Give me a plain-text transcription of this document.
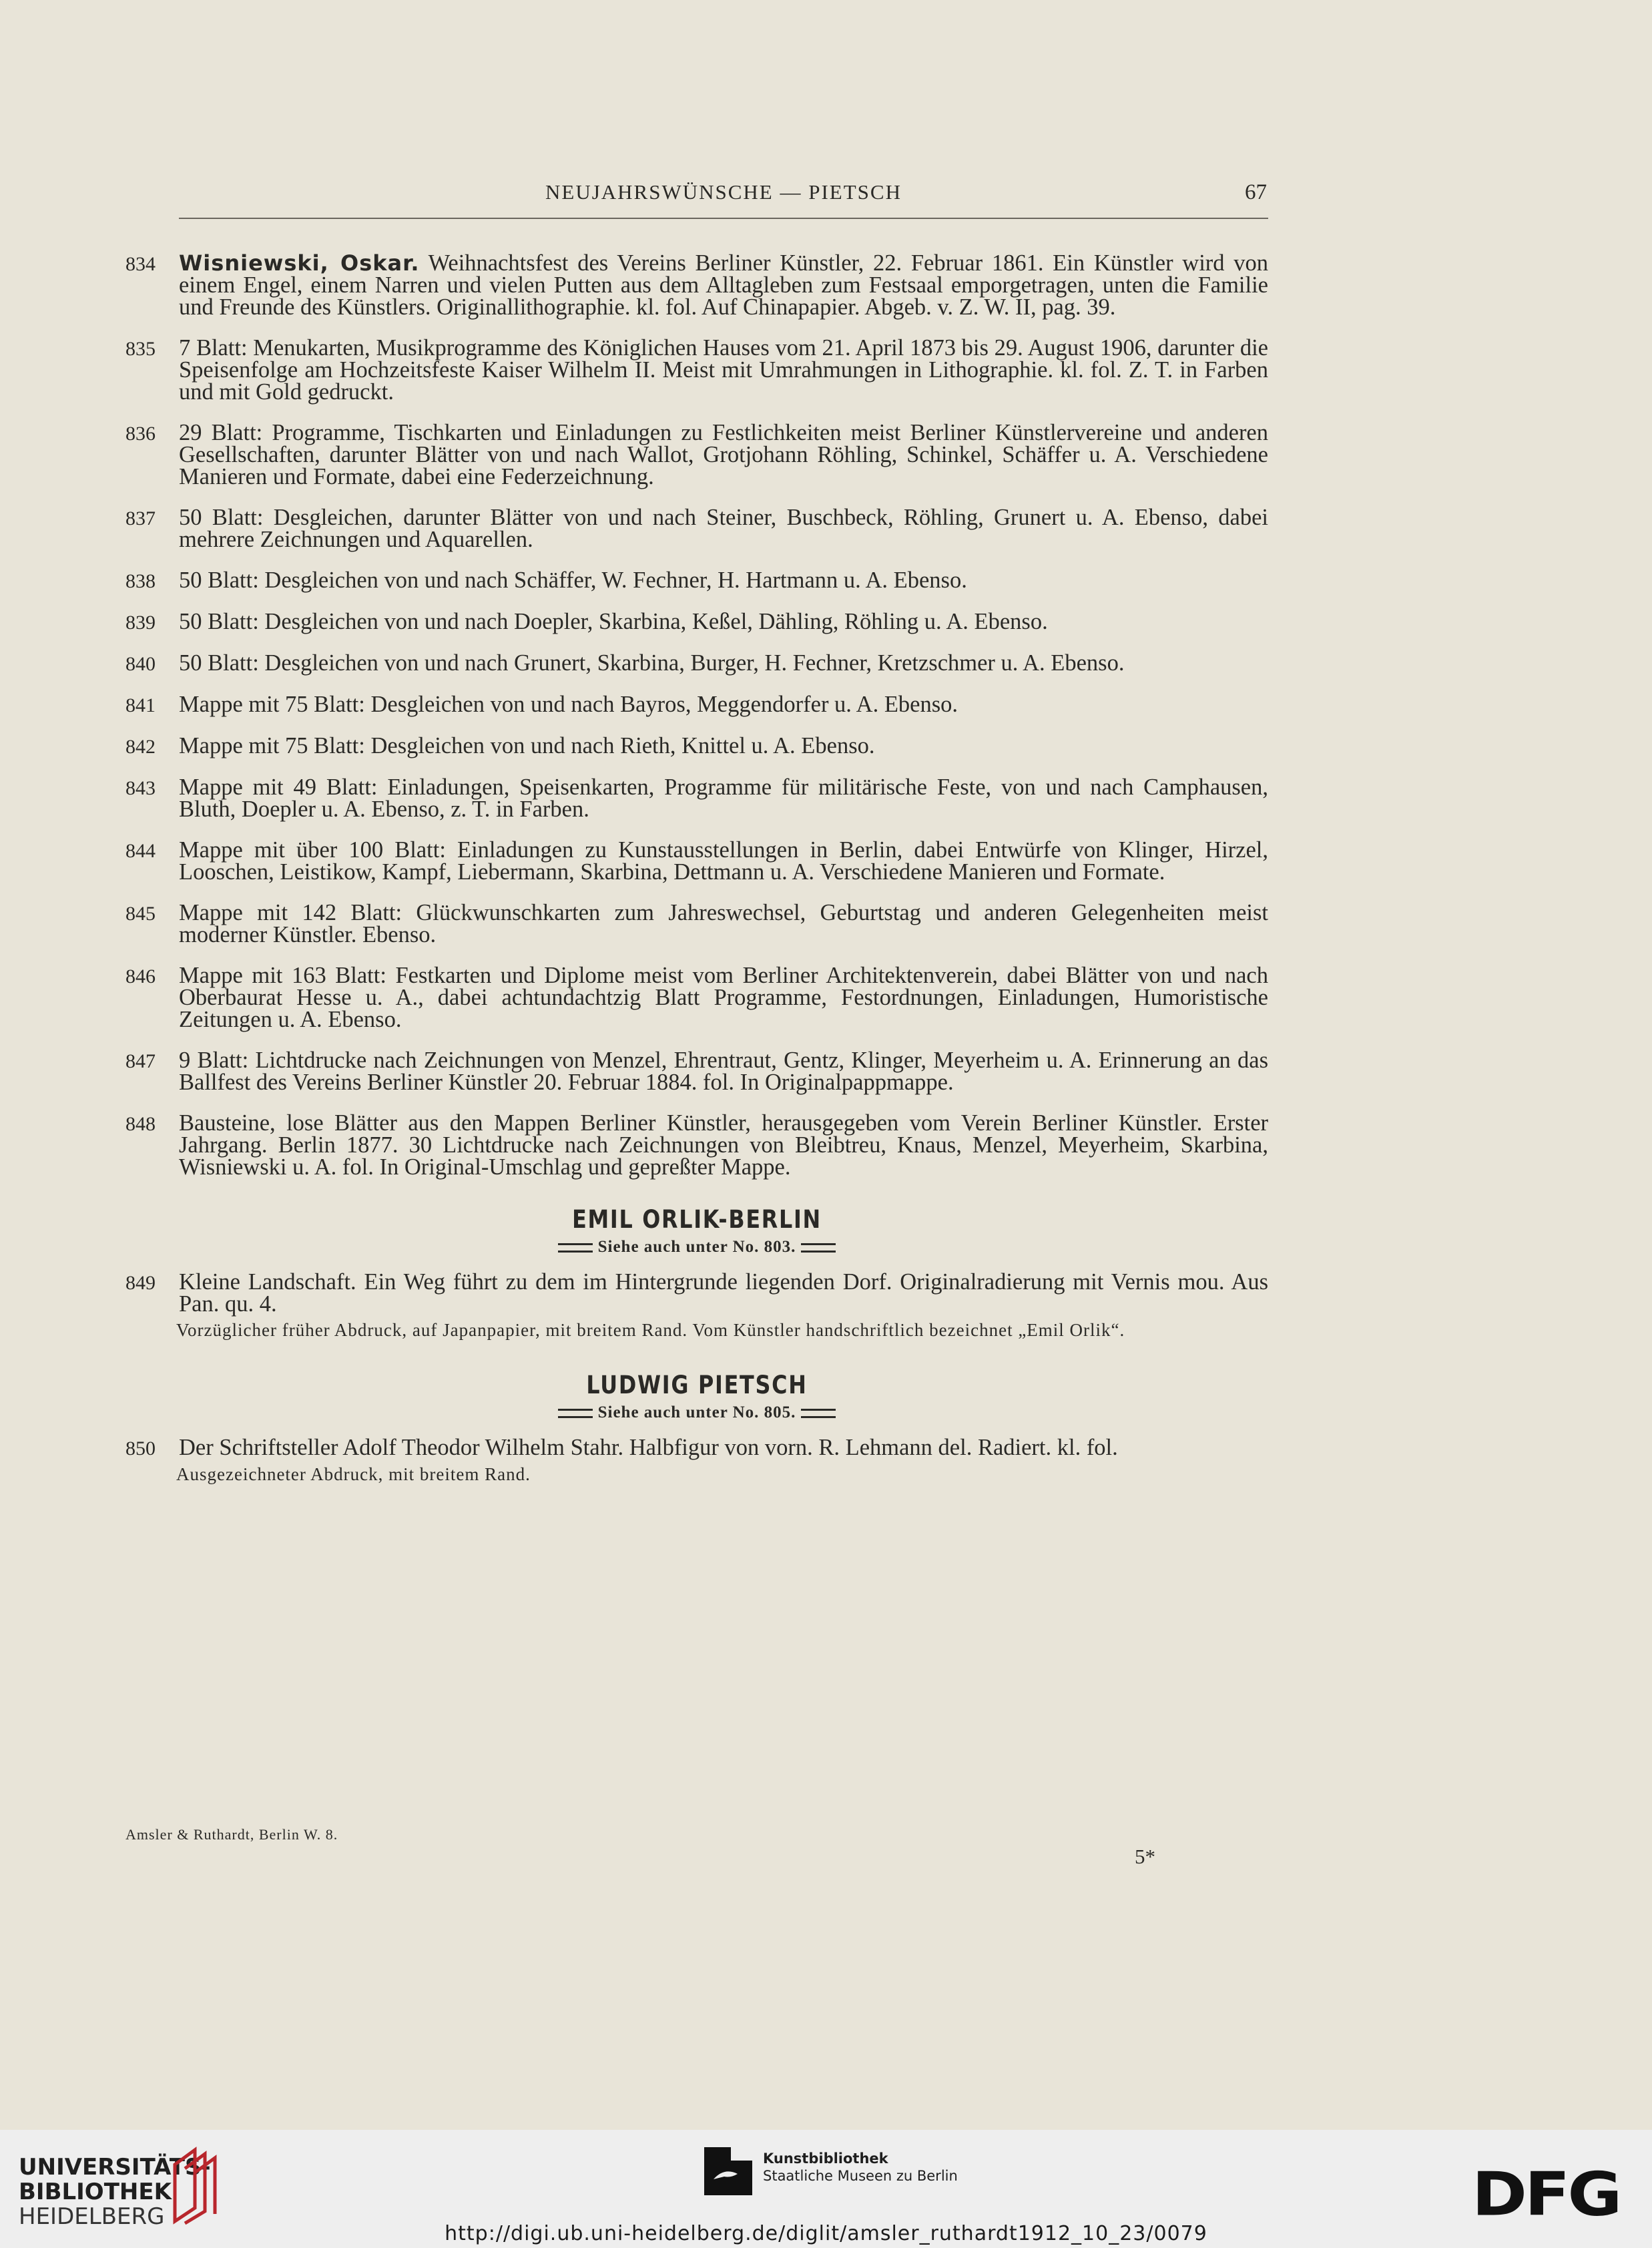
NEUJAHRSWÜNSCHE — PIETSCH	67
834	Wisniewski, Oskar. Weihnachtsfest des Vereins Berliner Künstler, 22. Februar 1861. Ein Künstler wird von einem Engel, einem Narren und vielen Putten aus dem Alltagleben zum Festsaal emporgetragen, unten die Familie und Freunde des Künstlers. Originallithographie. kl. fol. Auf Chinapapier. Abgeb. v. Z. W. II, pag. 39.
835	7 Blatt: Menukarten, Musikprogramme des Königlichen Hauses vom 21. April 1873 bis 29. August 1906, darunter die Speisenfolge am Hochzeitsfeste Kaiser Wilhelm II. Meist mit Umrahmungen in Lithographie. kl. fol. Z. T. in Farben und mit Gold gedruckt.
836	29 Blatt: Programme, Tischkarten und Einladungen zu Festlichkeiten meist Berliner Künstlervereine und anderen Gesellschaften, darunter Blätter von und nach Wallot, Grotjohann Röhling, Schinkel, Schäffer u. A. Verschiedene Manieren und Formate, dabei eine Federzeichnung.
837	50 Blatt: Desgleichen, darunter Blätter von und nach Steiner, Buschbeck, Röhling, Grunert u. A. Ebenso, dabei mehrere Zeichnungen und Aquarellen.
838	50 Blatt: Desgleichen von und nach Schäffer, W. Fechner, H. Hartmann u. A. Ebenso.
839	50 Blatt: Desgleichen von und nach Doepler, Skarbina, Keßel, Dähling, Röhling u. A. Ebenso.
840	50 Blatt: Desgleichen von und nach Grunert, Skarbina, Burger, H. Fechner, Kretzschmer u. A. Ebenso.
841	Mappe mit 75 Blatt: Desgleichen von und nach Bayros, Meggendorfer u. A. Ebenso.
842	Mappe mit 75 Blatt: Desgleichen von und nach Rieth, Knittel u. A. Ebenso.
843	Mappe mit 49 Blatt: Einladungen, Speisenkarten, Programme für militärische Feste, von und nach Camphausen, Bluth, Doepler u. A. Ebenso, z. T. in Farben.
844	Mappe mit über 100 Blatt: Einladungen zu Kunstausstellungen in Berlin, dabei Entwürfe von Klinger, Hirzel, Looschen, Leistikow, Kampf, Liebermann, Skarbina, Dettmann u. A. Verschiedene Manieren und Formate.
845	Mappe mit 142 Blatt: Glückwunschkarten zum Jahreswechsel, Geburtstag und anderen Gelegenheiten meist moderner Künstler. Ebenso.
846	Mappe mit 163 Blatt: Festkarten und Diplome meist vom Berliner Architektenverein, dabei Blätter von und nach Oberbaurat Hesse u. A., dabei achtundachtzig Blatt Programme, Festordnungen, Einladungen, Humoristische Zeitungen u. A. Ebenso.
847	9 Blatt: Lichtdrucke nach Zeichnungen von Menzel, Ehrentraut, Gentz, Klinger, Meyerheim u. A. Erinnerung an das Ballfest des Vereins Berliner Künstler 20. Februar 1884. fol. In Originalpappmappe.
848	Bausteine, lose Blätter aus den Mappen Berliner Künstler, herausgegeben vom Verein Berliner Künstler. Erster Jahrgang. Berlin 1877. 30 Lichtdrucke nach Zeichnungen von Bleibtreu, Knaus, Menzel, Meyerheim, Skarbina, Wisniewski u. A. fol. In Original-Umschlag und gepreßter Mappe.
EMIL ORLIK-BERLIN
Siehe auch unter No. 803.
849	Kleine Landschaft. Ein Weg führt zu dem im Hintergrunde liegenden Dorf. Originalradierung mit Vernis mou. Aus Pan. qu. 4.
Vorzüglicher früher Abdruck, auf Japanpapier, mit breitem Rand. Vom Künstler handschriftlich bezeichnet „Emil Orlik“.
LUDWIG PIETSCH
Siehe auch unter No. 805.
850	Der Schriftsteller Adolf Theodor Wilhelm Stahr. Halbfigur von vorn. R. Lehmann del. Radiert. kl. fol.
Ausgezeichneter Abdruck, mit breitem Rand.
Amsler & Ruthardt, Berlin W. 8.
5*
UNIVERSITÄTS-
BIBLIOTHEK
HEIDELBERG
Kunstbibliothek
Staatliche Museen zu Berlin	DFG
http://digi.ub.uni-heidelberg.de/diglit/amsler_ruthardt1912_10_23/0079
